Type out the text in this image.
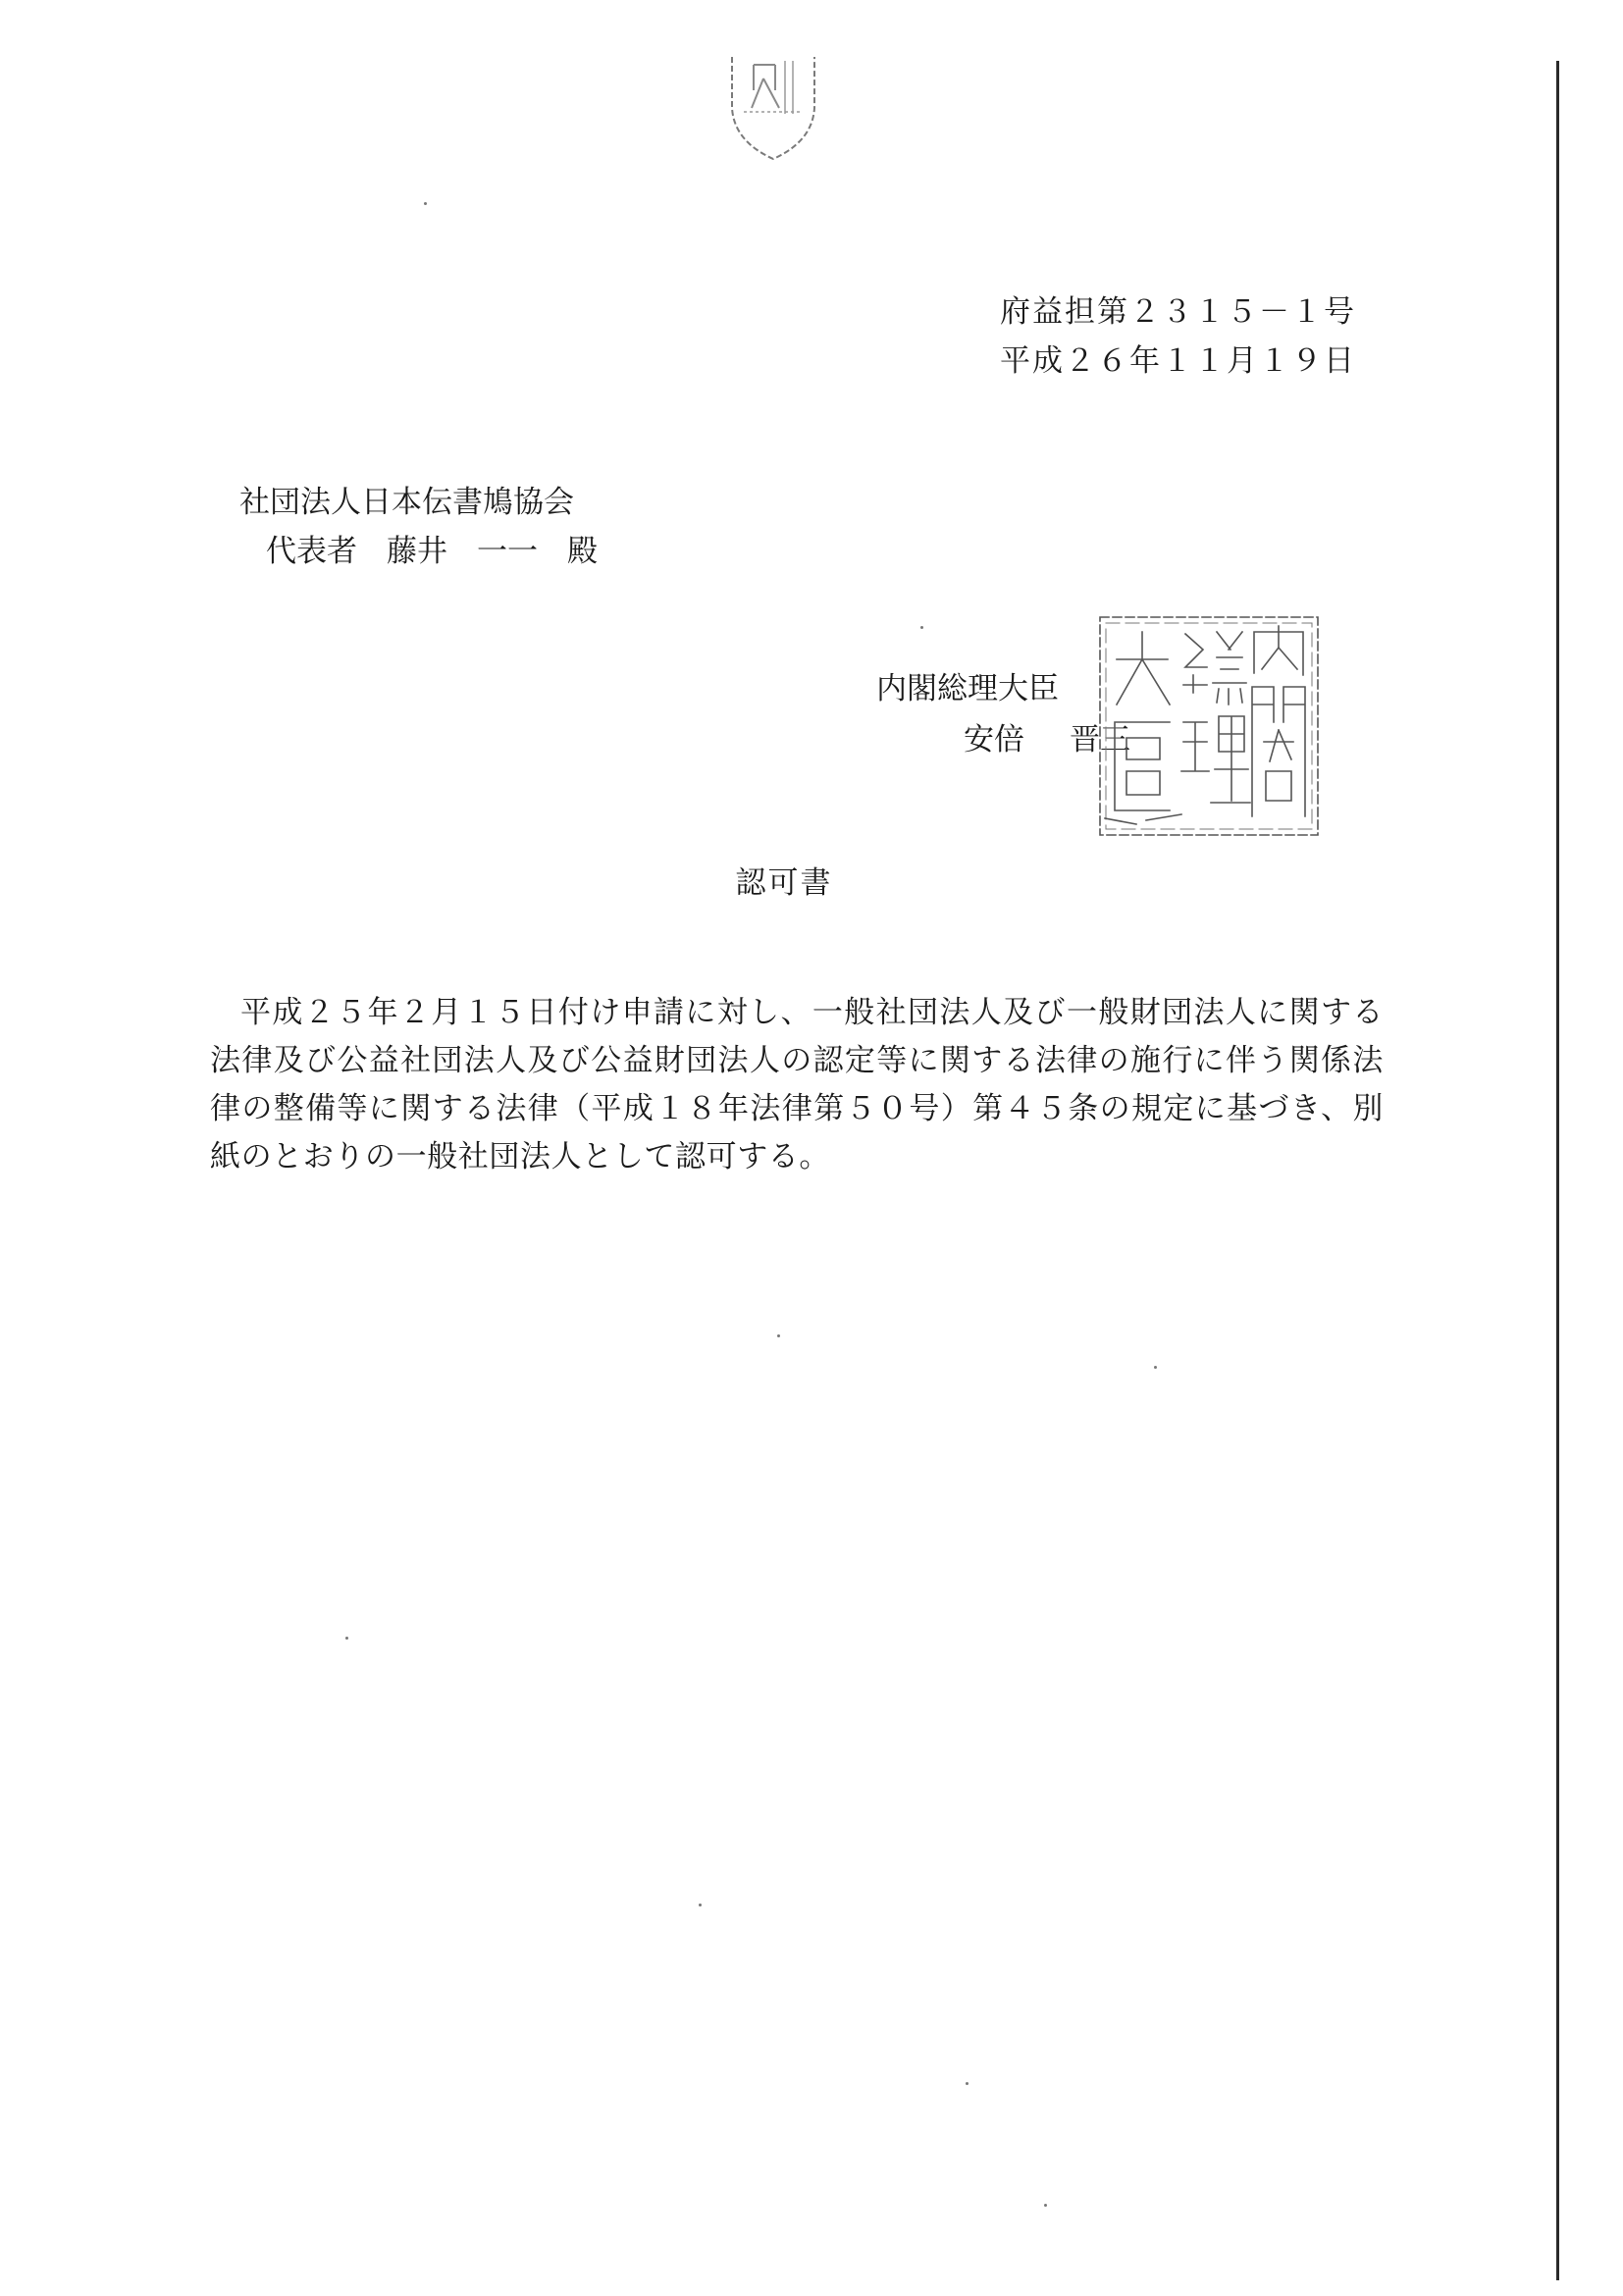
府益担第２３１５－１号
平成２６年１１月１９日
社団法人日本伝書鳩協会
代表者 藤井 一一 殿
内閣総理大臣
安倍 晋三
認可書
平成２５年２月１５日付け申請に対し、一般社団法人及び一般財団法人に関する法律及び公益社団法人及び公益財団法人の認定等に関する法律の施行に伴う関係法律の整備等に関する法律（平成１８年法律第５０号）第４５条の規定に基づき、別紙のとおりの一般社団法人として認可する。
